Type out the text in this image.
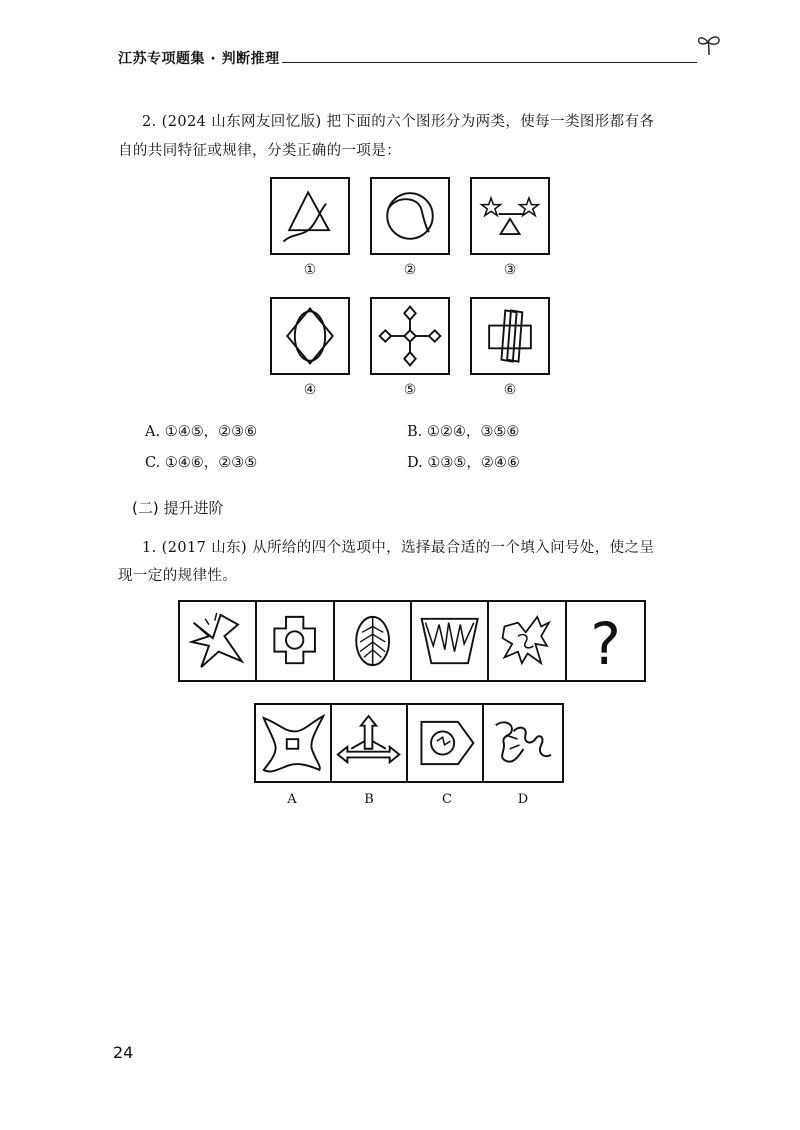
江苏专项题集 · 判断推理
2. (2024 山东网友回忆版) 把下面的六个图形分为两类，使每一类图形都有各
自的共同特征或规律，分类正确的一项是：
①	②	③
④	⑤	⑥
A. ①④⑤，②③⑥	B. ①②④，③⑤⑥
C. ①④⑥，②③⑤	D. ①③⑤，②④⑥
(二) 提升进阶
1. (2017 山东) 从所给的四个选项中，选择最合适的一个填入问号处，使之呈
现一定的规律性。
?
A	B	C	D
24
